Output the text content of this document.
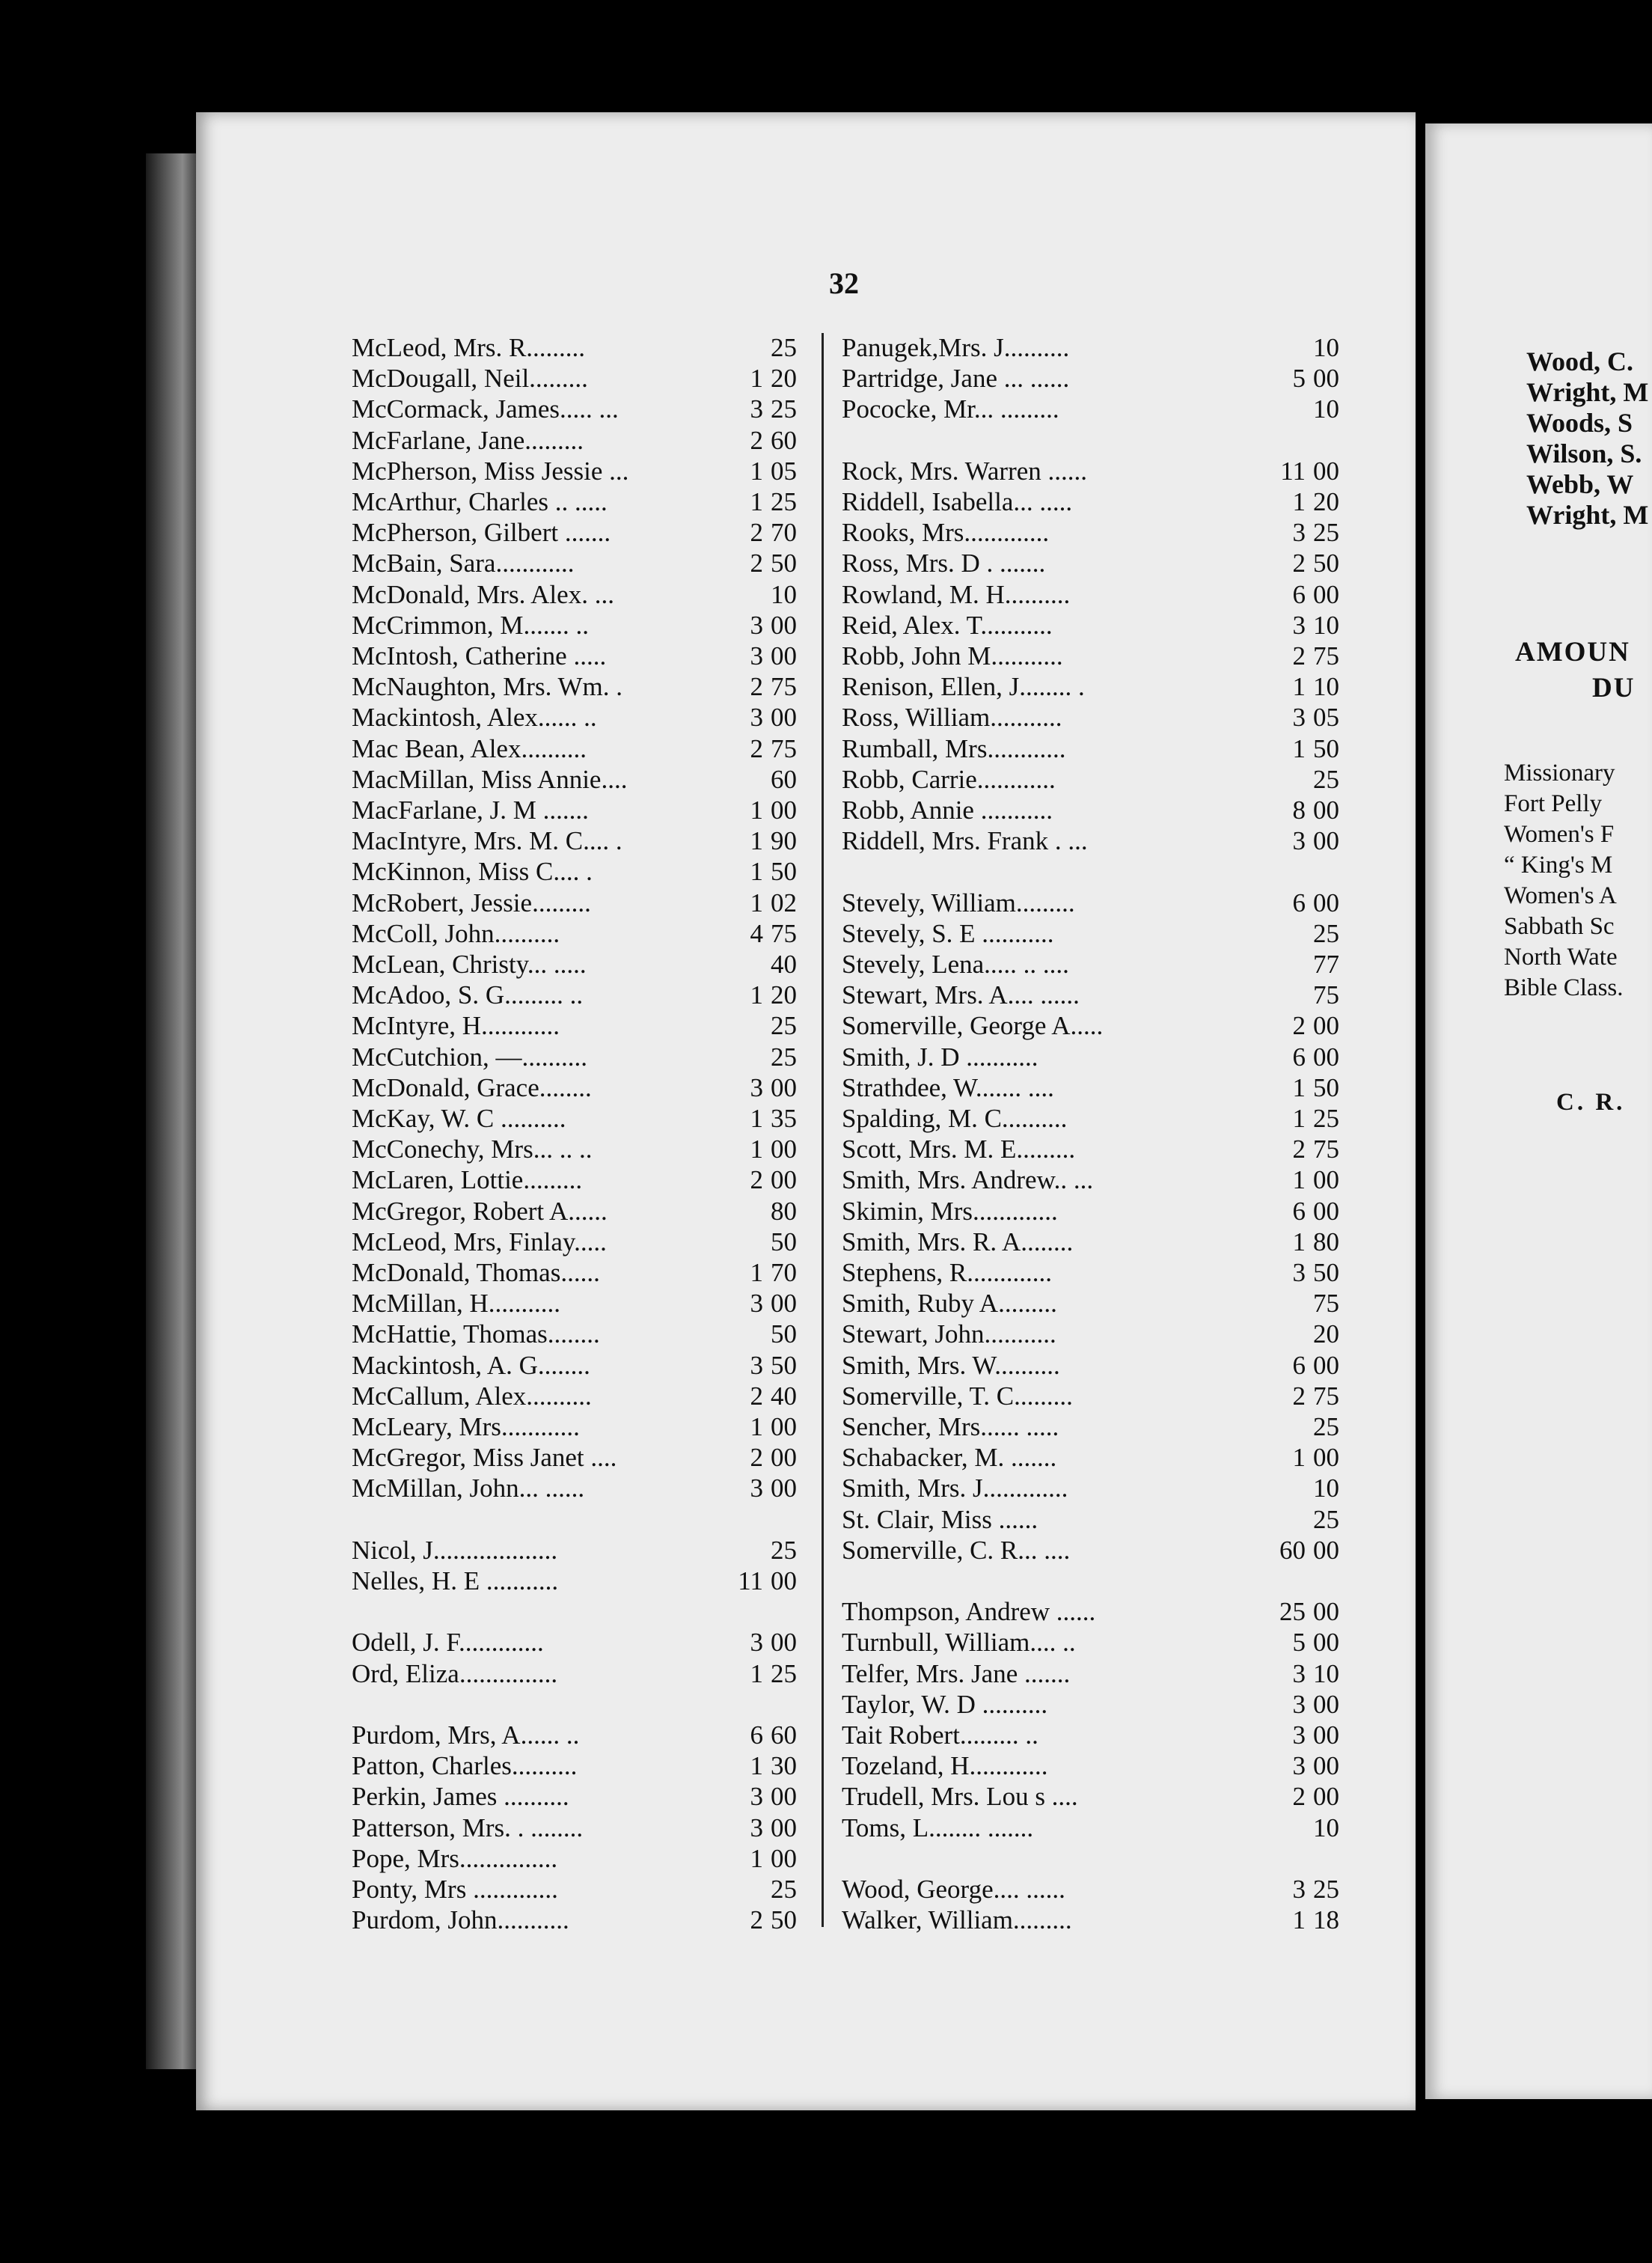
32
McLeod, Mrs. R.........	25
McDougall, Neil.........	1 20
McCormack, James..... ...	3 25
McFarlane, Jane.........	2 60
McPherson, Miss Jessie ...	1 05
McArthur, Charles .. .....	1 25
McPherson, Gilbert .......	2 70
McBain, Sara............	2 50
McDonald, Mrs. Alex. ...	10
McCrimmon, M....... ..	3 00
McIntosh, Catherine .....	3 00
McNaughton, Mrs. Wm. .	2 75
Mackintosh, Alex...... ..	3 00
Mac Bean, Alex..........	2 75
MacMillan, Miss Annie....	60
MacFarlane, J. M .......	1 00
MacIntyre, Mrs. M. C.... .	1 90
McKinnon, Miss C.... .	1 50
McRobert, Jessie.........	1 02
McColl, John..........	4 75
McLean, Christy... .....	40
McAdoo, S. G......... ..	1 20
McIntyre, H............	25
McCutchion, —..........	25
McDonald, Grace........	3 00
McKay, W. C ..........	1 35
McConechy, Mrs... .. ..	1 00
McLaren, Lottie.........	2 00
McGregor, Robert A......	80
McLeod, Mrs, Finlay.....	50
McDonald, Thomas......	1 70
McMillan, H...........	3 00
McHattie, Thomas........	50
Mackintosh, A. G........	3 50
McCallum, Alex..........	2 40
McLeary, Mrs............	1 00
McGregor, Miss Janet ....	2 00
McMillan, John... ......	3 00
Nicol, J...................	25
Nelles, H. E ...........	11 00
Odell, J. F.............	3 00
Ord, Eliza...............	1 25
Purdom, Mrs, A...... ..	6 60
Patton, Charles..........	1 30
Perkin, James ..........	3 00
Patterson, Mrs. . ........	3 00
Pope, Mrs...............	1 00
Ponty, Mrs .............	25
Purdom, John...........	2 50
Panugek,Mrs. J..........	10
Partridge, Jane ... ......	5 00
Pococke, Mr... .........	10
Rock, Mrs. Warren ......	11 00
Riddell, Isabella... .....	1 20
Rooks, Mrs.............	3 25
Ross, Mrs. D . .......	2 50
Rowland, M. H..........	6 00
Reid, Alex. T...........	3 10
Robb, John M...........	2 75
Renison, Ellen, J........ .	1 10
Ross, William...........	3 05
Rumball, Mrs............	1 50
Robb, Carrie............	25
Robb, Annie ...........	8 00
Riddell, Mrs. Frank . ...	3 00
Stevely, William.........	6 00
Stevely, S. E ...........	25
Stevely, Lena..... .. ....	77
Stewart, Mrs. A.... ......	75
Somerville, George A.....	2 00
Smith, J. D ...........	6 00
Strathdee, W....... ....	1 50
Spalding, M. C..........	1 25
Scott, Mrs. M. E.........	2 75
Smith, Mrs. Andrew.. ...	1 00
Skimin, Mrs.............	6 00
Smith, Mrs. R. A........	1 80
Stephens, R.............	3 50
Smith, Ruby A.........	75
Stewart, John...........	20
Smith, Mrs. W..........	6 00
Somerville, T. C.........	2 75
Sencher, Mrs...... .....	25
Schabacker, M. .......	1 00
Smith, Mrs. J.............	10
St. Clair, Miss ......	25
Somerville, C. R... ....	60 00
Thompson, Andrew ......	25 00
Turnbull, William.... ..	5 00
Telfer, Mrs. Jane .......	3 10
Taylor, W. D ..........	3 00
Tait Robert......... ..	3 00
Tozeland, H............	3 00
Trudell, Mrs. Lou s ....	2 00
Toms, L........ .......	10
Wood, George.... ......	3 25
Walker, William.........	1 18
Wood, C.
Wright, M
Woods, S
Wilson, S.
Webb, W
Wright, M
AMOUN
DU
Missionary
Fort Pelly
Women's F
“ King's M
Women's A
Sabbath Sc
North Wate
Bible Class.
C. R.
